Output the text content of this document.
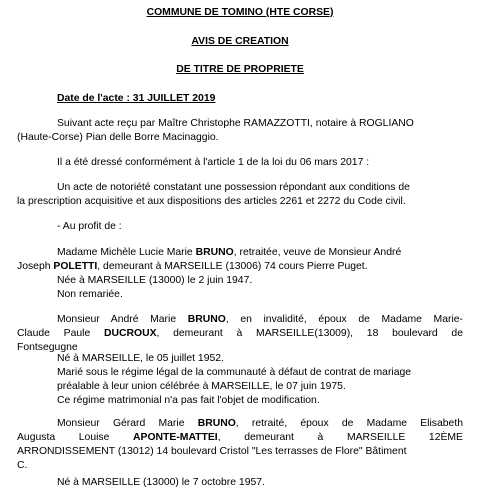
COMMUNE DE TOMINO (HTE CORSE)
AVIS DE CREATION
DE TITRE DE PROPRIETE
Date de l'acte : 31 JUILLET 2019
Suivant acte reçu par Maître Christophe RAMAZZOTTI, notaire à ROGLIANO
(Haute-Corse) Pian delle Borre Macinaggio.
Il a été dressé conformément à l'article 1 de la loi du 06 mars 2017 :
Un acte de notoriété constatant une possession répondant aux conditions de
la prescription acquisitive et aux dispositions des articles 2261 et 2272 du Code civil.
- Au profit de :
Madame Michèle Lucie Marie BRUNO, retraitée, veuve de Monsieur André
Joseph POLETTI, demeurant à MARSEILLE (13006) 74 cours Pierre Puget.
Née à MARSEILLE (13000) le 2 juin 1947.
Non remariée.
Monsieur André Marie BRUNO, en invalidité, époux de Madame Marie-
Claude Paule DUCROUX, demeurant à MARSEILLE(13009), 18 boulevard de
Fontsegugne
Né à MARSEILLE, le 05 juillet 1952.
Marié sous le régime légal de la communauté à défaut de contrat de mariage
préalable à leur union célébrée à MARSEILLE, le 07 juin 1975.
Ce régime matrimonial n'a pas fait l'objet de modification.
Monsieur Gérard Marie BRUNO, retraité, époux de Madame Elisabeth
Augusta Louise APONTE-MATTEI, demeurant à MARSEILLE 12ÈME
ARRONDISSEMENT (13012) 14 boulevard Cristol "Les terrasses de Flore" Bâtiment
C.
Né à MARSEILLE (13000) le 7 octobre 1957.
